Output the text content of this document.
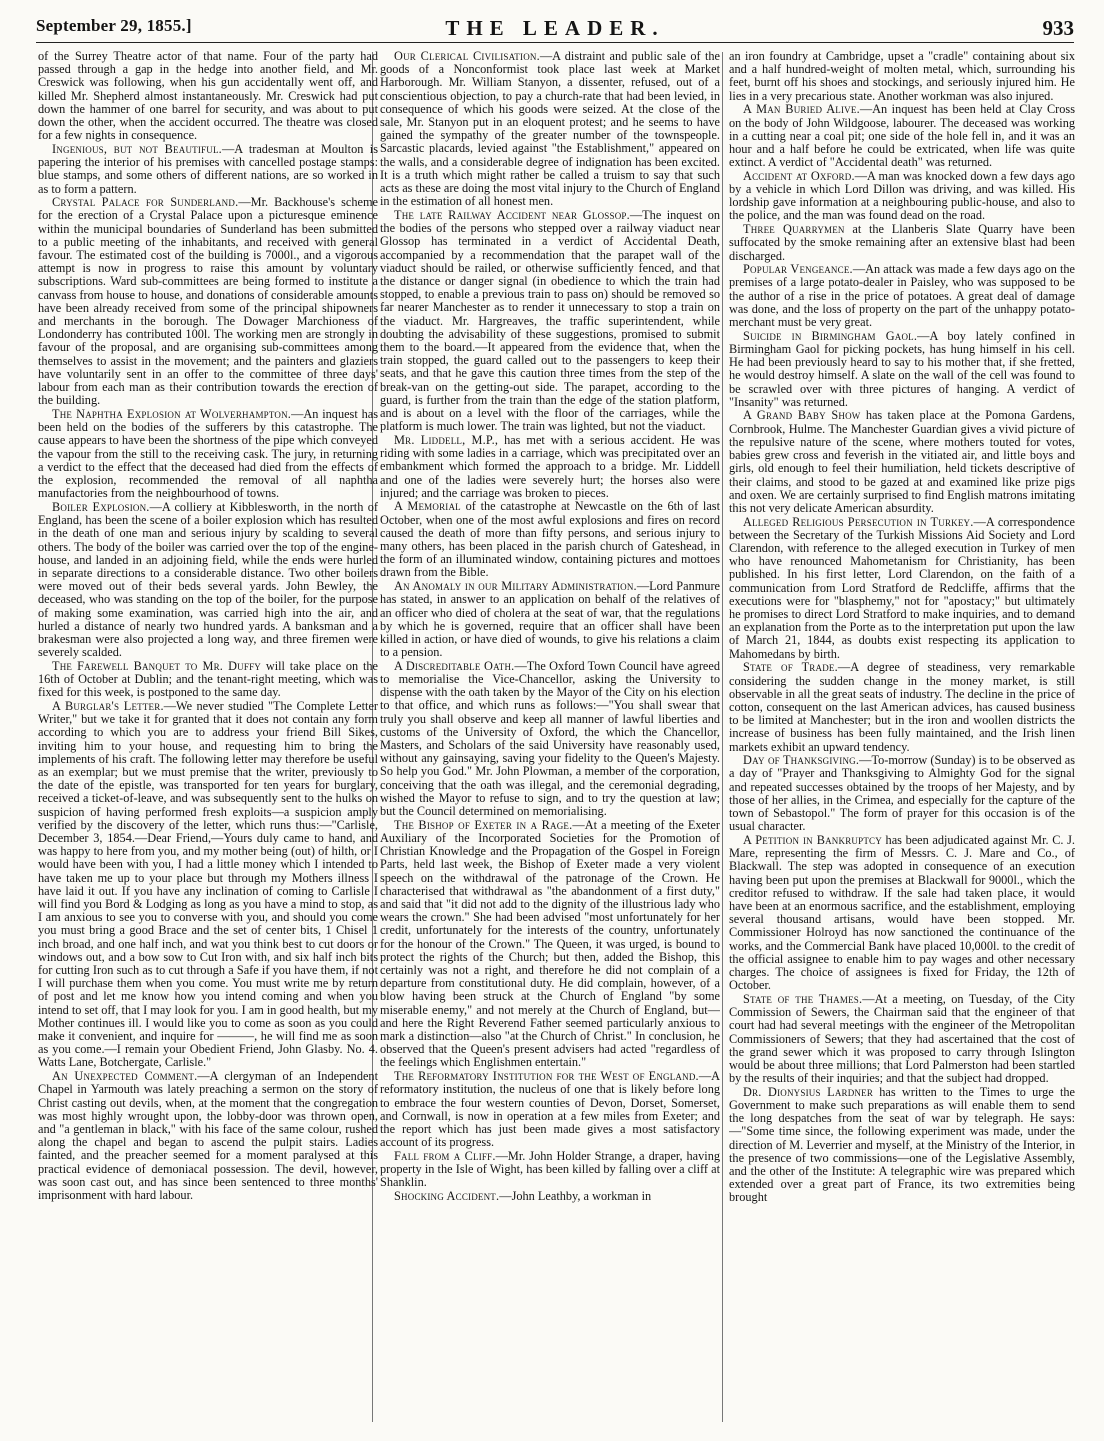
September 29, 1855.]	THE LEADER.	933

of the Surrey Theatre actor of that name. Four of the party had passed through a gap in the hedge into another field, and Mr. Creswick was following, when his gun accidentally went off, and killed Mr. Shepherd almost instantaneously. Mr. Creswick had put down the hammer of one barrel for security, and was about to put down the other, when the accident occurred. The theatre was closed for a few nights in consequence.

Ingenious, but not Beautiful.—A tradesman at Moulton is papering the interior of his premises with cancelled postage stamps: blue stamps, and some others of different nations, are so worked in as to form a pattern.

Crystal Palace for Sunderland.—Mr. Backhouse's scheme for the erection of a Crystal Palace upon a picturesque eminence within the municipal boundaries of Sunderland has been submitted to a public meeting of the inhabitants, and received with general favour. The estimated cost of the building is 7000l., and a vigorous attempt is now in progress to raise this amount by voluntary subscriptions. Ward sub-committees are being formed to institute a canvass from house to house, and donations of considerable amounts have been already received from some of the principal shipowners and merchants in the borough. The Dowager Marchioness of Londonderry has contributed 100l. The working men are strongly in favour of the proposal, and are organising sub-committees among themselves to assist in the movement; and the painters and glaziers have voluntarily sent in an offer to the committee of three days' labour from each man as their contribution towards the erection of the building.

The Naphtha Explosion at Wolverhampton.—An inquest has been held on the bodies of the sufferers by this catastrophe. The cause appears to have been the shortness of the pipe which conveyed the vapour from the still to the receiving cask. The jury, in returning a verdict to the effect that the deceased had died from the effects of the explosion, recommended the removal of all naphtha manufactories from the neighbourhood of towns.

Boiler Explosion.—A colliery at Kibblesworth, in the north of England, has been the scene of a boiler explosion which has resulted in the death of one man and serious injury by scalding to several others. The body of the boiler was carried over the top of the engine-house, and landed in an adjoining field, while the ends were hurled in separate directions to a considerable distance. Two other boilers were moved out of their beds several yards. John Bewley, the deceased, who was standing on the top of the boiler, for the purpose of making some examination, was carried high into the air, and hurled a distance of nearly two hundred yards. A banksman and a brakesman were also projected a long way, and three firemen were severely scalded.

The Farewell Banquet to Mr. Duffy will take place on the 16th of October at Dublin; and the tenant-right meeting, which was fixed for this week, is postponed to the same day.

A Burglar's Letter.—We never studied "The Complete Letter Writer," but we take it for granted that it does not contain any form according to which you are to address your friend Bill Sikes, inviting him to your house, and requesting him to bring the implements of his craft. The following letter may therefore be useful as an exemplar; but we must premise that the writer, previously to the date of the epistle, was transported for ten years for burglary, received a ticket-of-leave, and was subsequently sent to the hulks on suspicion of having performed fresh exploits—a suspicion amply verified by the discovery of the letter, which runs thus:—"Carlisle, December 3, 1854.—Dear Friend,—Yours duly came to hand, and was happy to here from you, and my mother being (out) of hilth, or I would have been with you, I had a little money which I intended to have taken me up to your place but through my Mothers illness I have laid it out. If you have any inclination of coming to Carlisle I will find you Bord & Lodging as long as you have a mind to stop, as I am anxious to see you to converse with you, and should you come you must bring a good Brace and the set of center bits, 1 Chisel 1 inch broad, and one half inch, and wat you think best to cut doors or windows out, and a bow sow to Cut Iron with, and six half inch bits for cutting Iron such as to cut through a Safe if you have them, if not I will purchase them when you come. You must write me by return of post and let me know how you intend coming and when you intend to set off, that I may look for you. I am in good health, but my Mother continues ill. I would like you to come as soon as you could make it convenient, and inquire for ———, he will find me as soon as you come.—I remain your Obedient Friend, John Glasby. No. 4. Watts Lane, Botchergate, Carlisle."

An Unexpected Comment.—A clergyman of an Independent Chapel in Yarmouth was lately preaching a sermon on the story of Christ casting out devils, when, at the moment that the congregation was most highly wrought upon, the lobby-door was thrown open, and "a gentleman in black," with his face of the same colour, rushed along the chapel and began to ascend the pulpit stairs. Ladies fainted, and the preacher seemed for a moment paralysed at this practical evidence of demoniacal possession. The devil, however, was soon cast out, and has since been sentenced to three months' imprisonment with hard labour.

Our Clerical Civilisation.—A distraint and public sale of the goods of a Nonconformist took place last week at Market Harborough. Mr. William Stanyon, a dissenter, refused, out of a conscientious objection, to pay a church-rate that had been levied, in consequence of which his goods were seized. At the close of the sale, Mr. Stanyon put in an eloquent protest; and he seems to have gained the sympathy of the greater number of the townspeople. Sarcastic placards, levied against "the Establishment," appeared on the walls, and a considerable degree of indignation has been excited. It is a truth which might rather be called a truism to say that such acts as these are doing the most vital injury to the Church of England in the estimation of all honest men.

The late Railway Accident near Glossop.—The inquest on the bodies of the persons who stepped over a railway viaduct near Glossop has terminated in a verdict of Accidental Death, accompanied by a recommendation that the parapet wall of the viaduct should be railed, or otherwise sufficiently fenced, and that the distance or danger signal (in obedience to which the train had stopped, to enable a previous train to pass on) should be removed so far nearer Manchester as to render it unnecessary to stop a train on the viaduct. Mr. Hargreaves, the traffic superintendent, while doubting the advisability of these suggestions, promised to submit them to the board.—It appeared from the evidence that, when the train stopped, the guard called out to the passengers to keep their seats, and that he gave this caution three times from the step of the break-van on the getting-out side. The parapet, according to the guard, is further from the train than the edge of the station platform, and is about on a level with the floor of the carriages, while the platform is much lower. The train was lighted, but not the viaduct.

Mr. Liddell, M.P., has met with a serious accident. He was riding with some ladies in a carriage, which was precipitated over an embankment which formed the approach to a bridge. Mr. Liddell and one of the ladies were severely hurt; the horses also were injured; and the carriage was broken to pieces.

A Memorial of the catastrophe at Newcastle on the 6th of last October, when one of the most awful explosions and fires on record caused the death of more than fifty persons, and serious injury to many others, has been placed in the parish church of Gateshead, in the form of an illuminated window, containing pictures and mottoes drawn from the Bible.

An Anomaly in our Military Administration.—Lord Panmure has stated, in answer to an application on behalf of the relatives of an officer who died of cholera at the seat of war, that the regulations by which he is governed, require that an officer shall have been killed in action, or have died of wounds, to give his relations a claim to a pension.

A Discreditable Oath.—The Oxford Town Council have agreed to memorialise the Vice-Chancellor, asking the University to dispense with the oath taken by the Mayor of the City on his election to that office, and which runs as follows:—"You shall swear that truly you shall observe and keep all manner of lawful liberties and customs of the University of Oxford, the which the Chancellor, Masters, and Scholars of the said University have reasonably used, without any gainsaying, saving your fidelity to the Queen's Majesty. So help you God." Mr. John Plowman, a member of the corporation, conceiving that the oath was illegal, and the ceremonial degrading, wished the Mayor to refuse to sign, and to try the question at law; but the Council determined on memorialising.

The Bishop of Exeter in a Rage.—At a meeting of the Exeter Auxiliary of the Incorporated Societies for the Promotion of Christian Knowledge and the Propagation of the Gospel in Foreign Parts, held last week, the Bishop of Exeter made a very violent speech on the withdrawal of the patronage of the Crown. He characterised that withdrawal as "the abandonment of a first duty," and said that "it did not add to the dignity of the illustrious lady who wears the crown." She had been advised "most unfortunately for her credit, unfortunately for the interests of the country, unfortunately for the honour of the Crown." The Queen, it was urged, is bound to protect the rights of the Church; but then, added the Bishop, this certainly was not a right, and therefore he did not complain of a departure from constitutional duty. He did complain, however, of a blow having been struck at the Church of England "by some miserable enemy," and not merely at the Church of England, but—and here the Right Reverend Father seemed particularly anxious to mark a distinction—also "at the Church of Christ." In conclusion, he observed that the Queen's present advisers had acted "regardless of the feelings which Englishmen entertain."

The Reformatory Institution for the West of England.—A reformatory institution, the nucleus of one that is likely before long to embrace the four western counties of Devon, Dorset, Somerset, and Cornwall, is now in operation at a few miles from Exeter; and the report which has just been made gives a most satisfactory account of its progress.

Fall from a Cliff.—Mr. John Holder Strange, a draper, having property in the Isle of Wight, has been killed by falling over a cliff at Shanklin.

Shocking Accident.—John Leathby, a workman in

an iron foundry at Cambridge, upset a "cradle" containing about six and a half hundred-weight of molten metal, which, surrounding his feet, burnt off his shoes and stockings, and seriously injured him. He lies in a very precarious state. Another workman was also injured.

A Man Buried Alive.—An inquest has been held at Clay Cross on the body of John Wildgoose, labourer. The deceased was working in a cutting near a coal pit; one side of the hole fell in, and it was an hour and a half before he could be extricated, when life was quite extinct. A verdict of "Accidental death" was returned.

Accident at Oxford.—A man was knocked down a few days ago by a vehicle in which Lord Dillon was driving, and was killed. His lordship gave information at a neighbouring public-house, and also to the police, and the man was found dead on the road.

Three Quarrymen at the Llanberis Slate Quarry have been suffocated by the smoke remaining after an extensive blast had been discharged.

Popular Vengeance.—An attack was made a few days ago on the premises of a large potato-dealer in Paisley, who was supposed to be the author of a rise in the price of potatoes. A great deal of damage was done, and the loss of property on the part of the unhappy potato-merchant must be very great.

Suicide in Birmingham Gaol.—A boy lately confined in Birmingham Gaol for picking pockets, has hung himself in his cell. He had been previously heard to say to his mother that, if she fretted, he would destroy himself. A slate on the wall of the cell was found to be scrawled over with three pictures of hanging. A verdict of "Insanity" was returned.

A Grand Baby Show has taken place at the Pomona Gardens, Cornbrook, Hulme. The Manchester Guardian gives a vivid picture of the repulsive nature of the scene, where mothers touted for votes, babies grew cross and feverish in the vitiated air, and little boys and girls, old enough to feel their humiliation, held tickets descriptive of their claims, and stood to be gazed at and examined like prize pigs and oxen. We are certainly surprised to find English matrons imitating this not very delicate American absurdity.

Alleged Religious Persecution in Turkey.—A correspondence between the Secretary of the Turkish Missions Aid Society and Lord Clarendon, with reference to the alleged execution in Turkey of men who have renounced Mahometanism for Christianity, has been published. In his first letter, Lord Clarendon, on the faith of a communication from Lord Stratford de Redcliffe, affirms that the executions were for "blasphemy," not for "apostacy;" but ultimately he promises to direct Lord Stratford to make inquiries, and to demand an explanation from the Porte as to the interpretation put upon the law of March 21, 1844, as doubts exist respecting its application to Mahomedans by birth.

State of Trade.—A degree of steadiness, very remarkable considering the sudden change in the money market, is still observable in all the great seats of industry. The decline in the price of cotton, consequent on the last American advices, has caused business to be limited at Manchester; but in the iron and woollen districts the increase of business has been fully maintained, and the Irish linen markets exhibit an upward tendency.

Day of Thanksgiving.—To-morrow (Sunday) is to be observed as a day of "Prayer and Thanksgiving to Almighty God for the signal and repeated successes obtained by the troops of her Majesty, and by those of her allies, in the Crimea, and especially for the capture of the town of Sebastopol." The form of prayer for this occasion is of the usual character.

A Petition in Bankruptcy has been adjudicated against Mr. C. J. Mare, representing the firm of Messrs. C. J. Mare and Co., of Blackwall. The step was adopted in consequence of an execution having been put upon the premises at Blackwall for 9000l., which the creditor refused to withdraw. If the sale had taken place, it would have been at an enormous sacrifice, and the establishment, employing several thousand artisans, would have been stopped. Mr. Commissioner Holroyd has now sanctioned the continuance of the works, and the Commercial Bank have placed 10,000l. to the credit of the official assignee to enable him to pay wages and other necessary charges. The choice of assignees is fixed for Friday, the 12th of October.

State of the Thames.—At a meeting, on Tuesday, of the City Commission of Sewers, the Chairman said that the engineer of that court had had several meetings with the engineer of the Metropolitan Commissioners of Sewers; that they had ascertained that the cost of the grand sewer which it was proposed to carry through Islington would be about three millions; that Lord Palmerston had been startled by the results of their inquiries; and that the subject had dropped.

Dr. Dionysius Lardner has written to the Times to urge the Government to make such preparations as will enable them to send the long despatches from the seat of war by telegraph. He says:—"Some time since, the following experiment was made, under the direction of M. Leverrier and myself, at the Ministry of the Interior, in the presence of two commissions—one of the Legislative Assembly, and the other of the Institute: A telegraphic wire was prepared which extended over a great part of France, its two extremities being brought
